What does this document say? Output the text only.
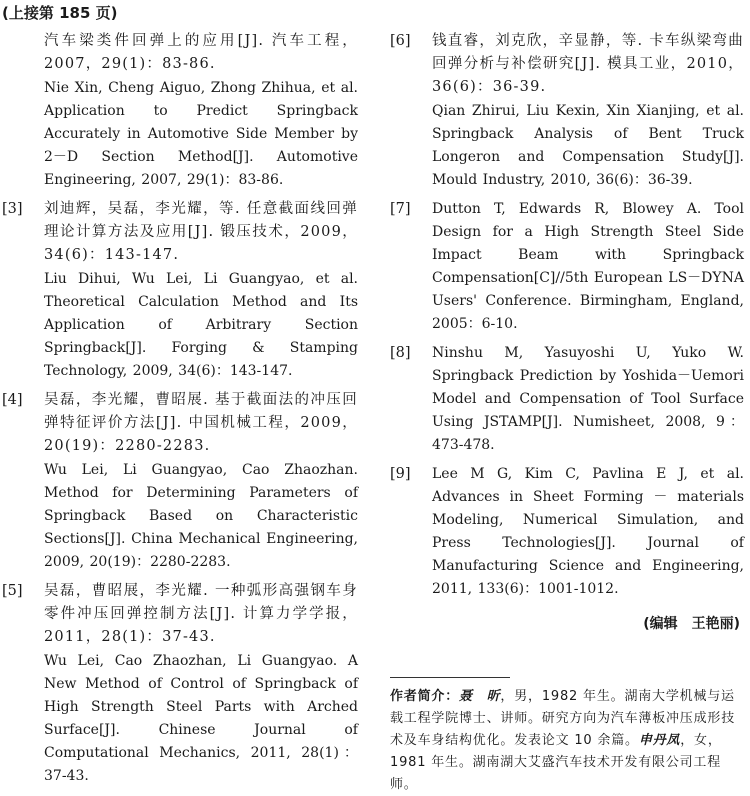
(上接第 185 页)
汽车梁类件回弹上的应用[J]. 汽车工程，2007，29(1)：83-86.
Nie Xin, Cheng Aiguo, Zhong Zhihua, et al. Application to Predict Springback Accurately in Automotive Side Member by 2－D Section Method[J]. Automotive Engineering, 2007, 29(1)：83-86.
[3] 刘迪辉，吴磊，李光耀，等. 任意截面线回弹理论计算方法及应用[J]. 锻压技术，2009，34(6)：143-147.
Liu Dihui, Wu Lei, Li Guangyao, et al. Theoretical Calculation Method and Its Application of Arbitrary Section Springback[J]. Forging & Stamping Technology, 2009, 34(6)：143-147.
[4] 吴磊，李光耀，曹昭展. 基于截面法的冲压回弹特征评价方法[J]. 中国机械工程，2009，20(19)：2280-2283.
Wu Lei, Li Guangyao, Cao Zhaozhan. Method for Determining Parameters of Springback Based on Characteristic Sections[J]. China Mechanical Engineering, 2009, 20(19)：2280-2283.
[5] 吴磊，曹昭展，李光耀. 一种弧形高强钢车身零件冲压回弹控制方法[J]. 计算力学学报，2011，28(1)：37-43.
Wu Lei, Cao Zhaozhan, Li Guangyao. A New Method of Control of Springback of High Strength Steel Parts with Arched Surface[J]. Chinese Journal of Computational Mechanics, 2011, 28(1)：37-43.
[6] 钱直睿，刘克欣，辛显静，等. 卡车纵梁弯曲回弹分析与补偿研究[J]. 模具工业，2010，36(6)：36-39.
Qian Zhirui, Liu Kexin, Xin Xianjing, et al. Springback Analysis of Bent Truck Longeron and Compensation Study[J]. Mould Industry, 2010, 36(6)：36-39.
[7] Dutton T, Edwards R, Blowey A. Tool Design for a High Strength Steel Side Impact Beam with Springback Compensation[C]//5th European LS－DYNA Users' Conference. Birmingham, England, 2005：6-10.
[8] Ninshu M, Yasuyoshi U, Yuko W. Springback Prediction by Yoshida－Uemori Model and Compensation of Tool Surface Using JSTAMP[J]. Numisheet, 2008, 9：473-478.
[9] Lee M G, Kim C, Pavlina E J, et al. Advances in Sheet Forming － materials Modeling, Numerical Simulation, and Press Technologies[J]. Journal of Manufacturing Science and Engineering, 2011, 133(6)：1001-1012.
(编辑　王艳丽)
作者简介：聂　昕，男，1982 年生。湖南大学机械与运载工程学院博士、讲师。研究方向为汽车薄板冲压成形技术及车身结构优化。发表论文 10 余篇。申丹凤，女，1981 年生。湖南湖大艾盛汽车技术开发有限公司工程师。
